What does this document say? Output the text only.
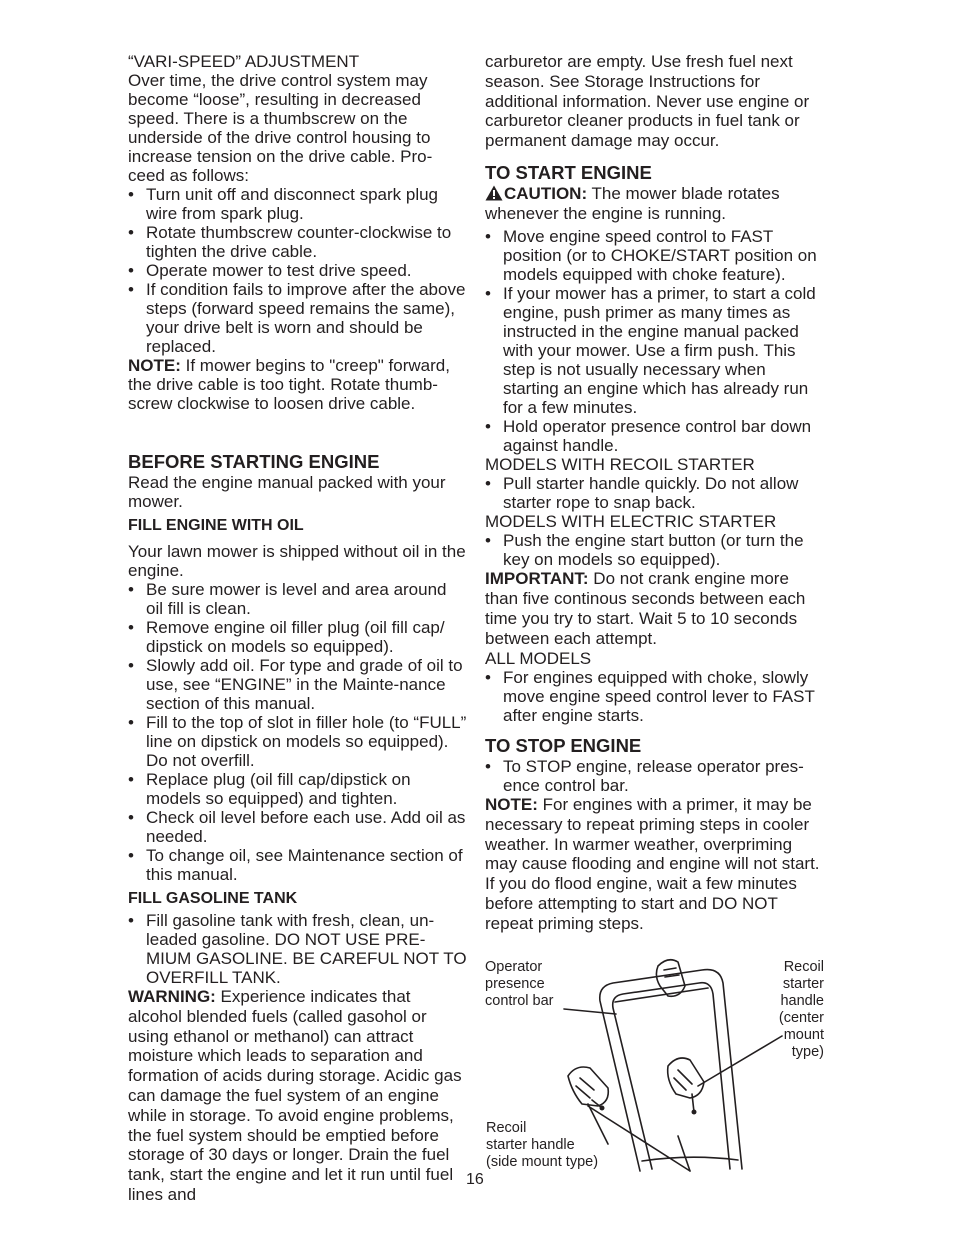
“VARI-SPEED” ADJUSTMENT

Over time, the drive control system may become “loose”, resulting in decreased speed. There is a thumbscrew on the underside of the drive control housing to increase tension on the drive cable. Pro-ceed as follows:

• Turn unit off and disconnect spark plug wire from spark plug.
• Rotate thumbscrew counter-clockwise to tighten the drive cable.
• Operate mower to test drive speed.
• If condition fails to improve after the above steps (forward speed remains the same), your drive belt is worn and should be replaced.

NOTE: If mower begins to "creep" forward, the drive cable is too tight. Rotate thumb-screw clockwise to loosen drive cable.

BEFORE STARTING ENGINE

Read the engine manual packed with your mower.

FILL ENGINE WITH OIL

Your lawn mower is shipped without oil in the engine.

• Be sure mower is level and area around oil fill is clean.
• Remove engine oil filler plug (oil fill cap/ dipstick on models so equipped).
• Slowly add oil. For type and grade of oil to use, see “ENGINE” in the Mainte-nance section of this manual.
• Fill to the top of slot in filler hole (to “FULL” line on dipstick on models so equipped). Do not overfill.
• Replace plug (oil fill cap/dipstick on models so equipped) and tighten.
• Check oil level before each use. Add oil as needed.
• To change oil, see Maintenance section of this manual.

FILL GASOLINE TANK

• Fill gasoline tank with fresh, clean, un-leaded gasoline. DO NOT USE PRE-MIUM GASOLINE. BE CAREFUL NOT TO OVERFILL TANK.

WARNING: Experience indicates that alcohol blended fuels (called gasohol or using ethanol or methanol) can attract moisture which leads to separation and formation of acids during storage. Acidic gas can damage the fuel system of an engine while in storage. To avoid engine problems, the fuel system should be emptied before storage of 30 days or longer. Drain the fuel tank, start the engine and let it run until fuel lines and

carburetor are empty. Use fresh fuel next season. See Storage Instructions for additional information. Never use engine or carburetor cleaner products in fuel tank or permanent damage may occur.

TO START ENGINE

CAUTION: The mower blade rotates whenever the engine is running.

• Move engine speed control to FAST position (or to CHOKE/START position on models equipped with choke feature).
• If your mower has a primer, to start a cold engine, push primer as many times as instructed in the engine manual packed with your mower. Use a firm push. This step is not usually necessary when starting an engine which has already run for a few minutes.
• Hold operator presence control bar down against handle.

MODELS WITH RECOIL STARTER

• Pull starter handle quickly. Do not allow starter rope to snap back.

MODELS WITH ELECTRIC STARTER

• Push the engine start button (or turn the key on models so equipped).

IMPORTANT: Do not crank engine more than five continous seconds between each time you try to start. Wait 5 to 10 seconds between each attempt.

ALL MODELS

• For engines equipped with choke, slowly move engine speed control lever to FAST after engine starts.

TO STOP ENGINE

• To STOP engine, release operator pres-ence control bar.

NOTE: For engines with a primer, it may be necessary to repeat priming steps in cooler weather. In warmer weather, overpriming may cause flooding and engine will not start. If you do flood engine, wait a few minutes before attempting to start and DO NOT repeat priming steps.

Operator
presence
control bar
Recoil
starter
handle
(center
mount
type)
Recoil
starter handle
(side mount type)
16
